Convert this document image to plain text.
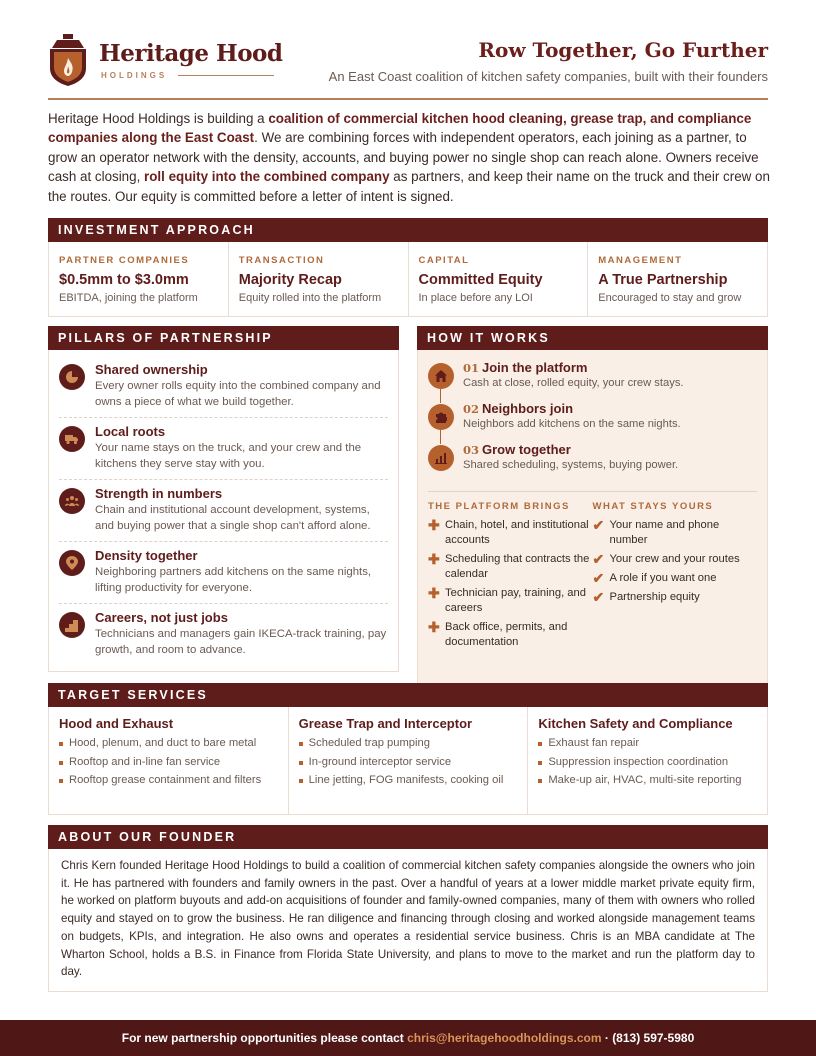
Heritage Hood
HOLDINGS
Row Together, Go Further
An East Coast coalition of kitchen safety companies, built with their founders

Heritage Hood Holdings is building a coalition of commercial kitchen hood cleaning, grease trap, and compliance companies along the East Coast. We are combining forces with independent operators, each joining as a partner, to grow an operator network with the density, accounts, and buying power no single shop can reach alone. Owners receive cash at closing, roll equity into the combined company as partners, and keep their name on the truck and their crew on the routes. Our equity is committed before a letter of intent is signed.

INVESTMENT APPROACH
PARTNER COMPANIES
$0.5mm to $3.0mm
EBITDA, joining the platform
TRANSACTION
Majority Recap
Equity rolled into the platform
CAPITAL
Committed Equity
In place before any LOI
MANAGEMENT
A True Partnership
Encouraged to stay and grow
PILLARS OF PARTNERSHIP
Shared ownership
Every owner rolls equity into the combined company and owns a piece of what we build together.
Local roots
Your name stays on the truck, and your crew and the kitchens they serve stay with you.
Strength in numbers
Chain and institutional account development, systems, and buying power that a single shop can't afford alone.
Density together
Neighboring partners add kitchens on the same nights, lifting productivity for everyone.
Careers, not just jobs
Technicians and managers gain IKECA-track training, pay growth, and room to advance.
HOW IT WORKS
01 Join the platform
Cash at close, rolled equity, your crew stays.
02 Neighbors join
Neighbors add kitchens on the same nights.
03 Grow together
Shared scheduling, systems, buying power.
THE PLATFORM BRINGS
✚ Chain, hotel, and institutional accounts
✚ Scheduling that contracts the calendar
✚ Technician pay, training, and careers
✚ Back office, permits, and documentation
WHAT STAYS YOURS
✔ Your name and phone number
✔ Your crew and your routes
✔ A role if you want one
✔ Partnership equity
TARGET SERVICES
Hood and Exhaust
Hood, plenum, and duct to bare metal
Rooftop and in-line fan service
Rooftop grease containment and filters
Grease Trap and Interceptor
Scheduled trap pumping
In-ground interceptor service
Line jetting, FOG manifests, cooking oil
Kitchen Safety and Compliance
Exhaust fan repair
Suppression inspection coordination
Make-up air, HVAC, multi-site reporting
ABOUT OUR FOUNDER
Chris Kern founded Heritage Hood Holdings to build a coalition of commercial kitchen safety companies alongside the owners who join it. He has partnered with founders and family owners in the past. Over a handful of years at a lower middle market private equity firm, he worked on platform buyouts and add-on acquisitions of founder and family-owned companies, many of them with owners who rolled equity and stayed on to grow the business. He ran diligence and financing through closing and worked alongside management teams on budgets, KPIs, and integration. He also owns and operates a residential service business. Chris is an MBA candidate at The Wharton School, holds a B.S. in Finance from Florida State University, and plans to move to the market and run the platform day to day.
For new partnership opportunities please contact chris@heritagehoodholdings.com · (813) 597-5980
